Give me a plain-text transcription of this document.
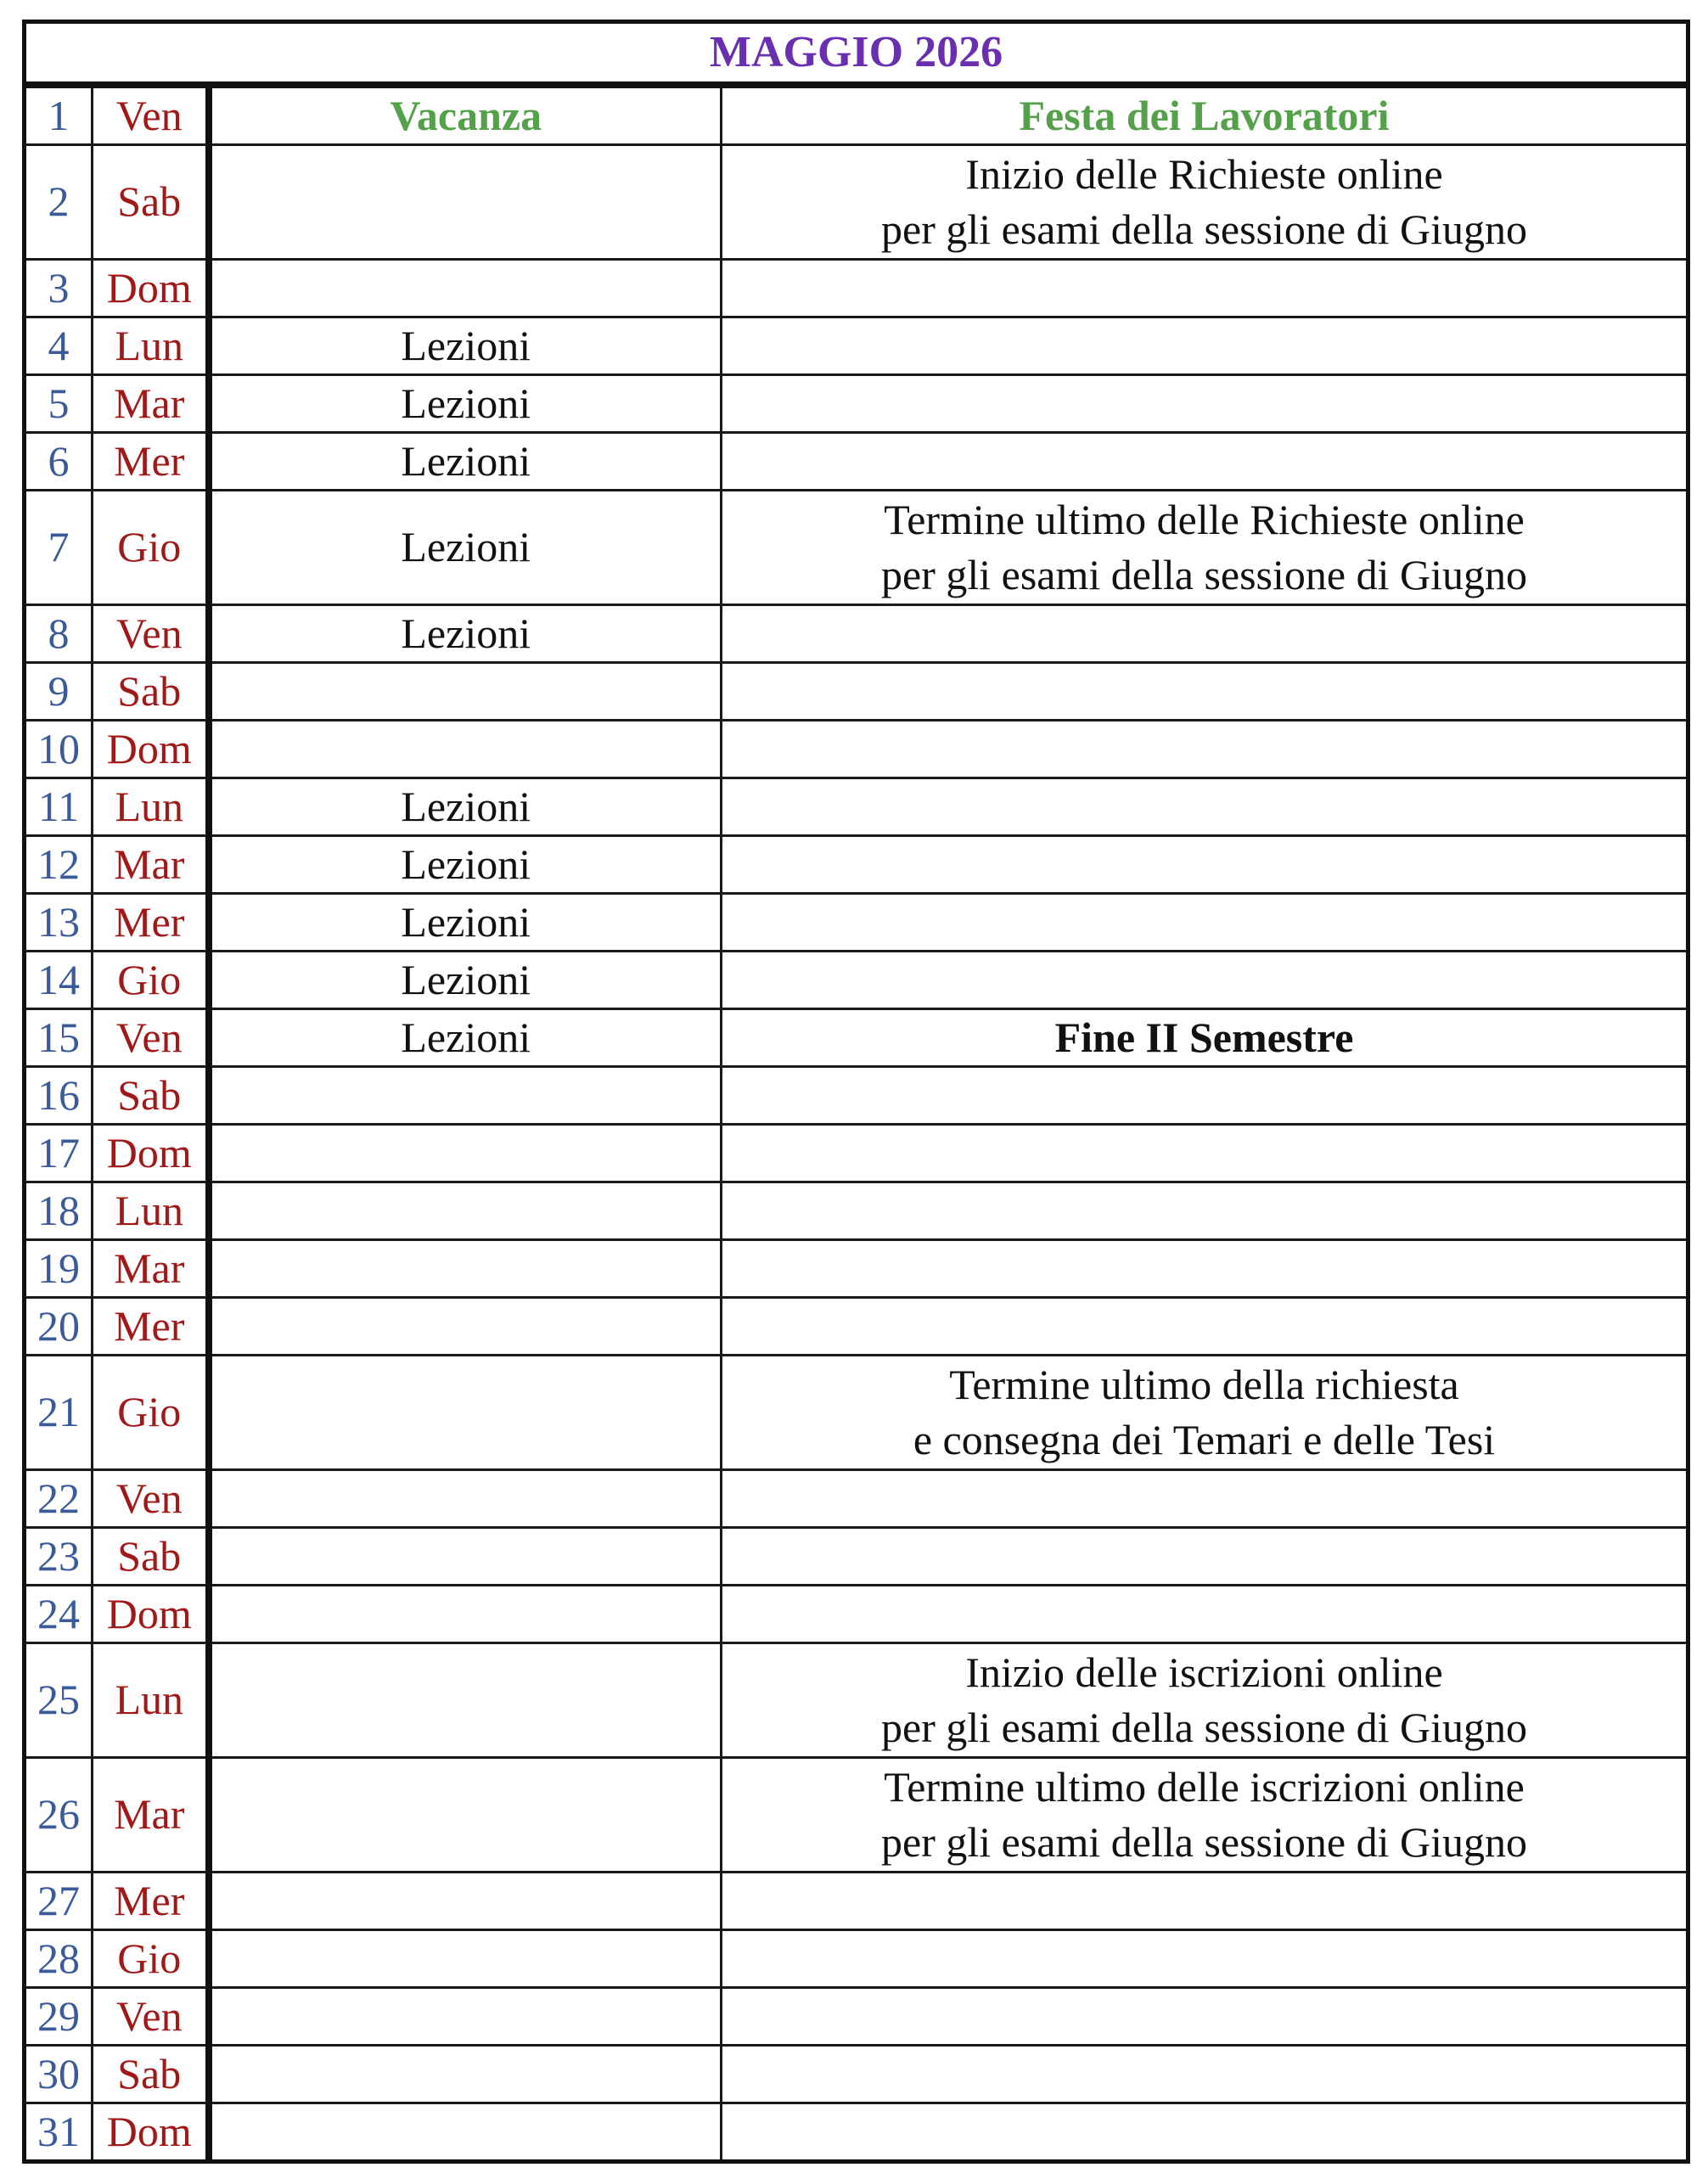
MAGGIO 2026			
1	Ven	Vacanza	Festa dei Lavoratori

2	Sab		Inizio delle Richieste online
per gli esami della sessione di Giugno

3	Dom		
4	Lun	Lezioni	
5	Mar	Lezioni	
6	Mer	Lezioni	
7	Gio	Lezioni	Termine ultimo delle Richieste online
per gli esami della sessione di Giugno

8	Ven	Lezioni	
9	Sab		
10	Dom		
11	Lun	Lezioni	
12	Mar	Lezioni	
13	Mer	Lezioni	
14	Gio	Lezioni	
15	Ven	Lezioni	Fine II Semestre

16	Sab		
17	Dom		
18	Lun		
19	Mar		
20	Mer		
21	Gio		Termine ultimo della richiesta
e consegna dei Temari e delle Tesi

22	Ven		
23	Sab		
24	Dom		
25	Lun		Inizio delle iscrizioni online
per gli esami della sessione di Giugno

26	Mar		Termine ultimo delle iscrizioni online
per gli esami della sessione di Giugno

27	Mer		
28	Gio		
29	Ven		
30	Sab		
31	Dom		
